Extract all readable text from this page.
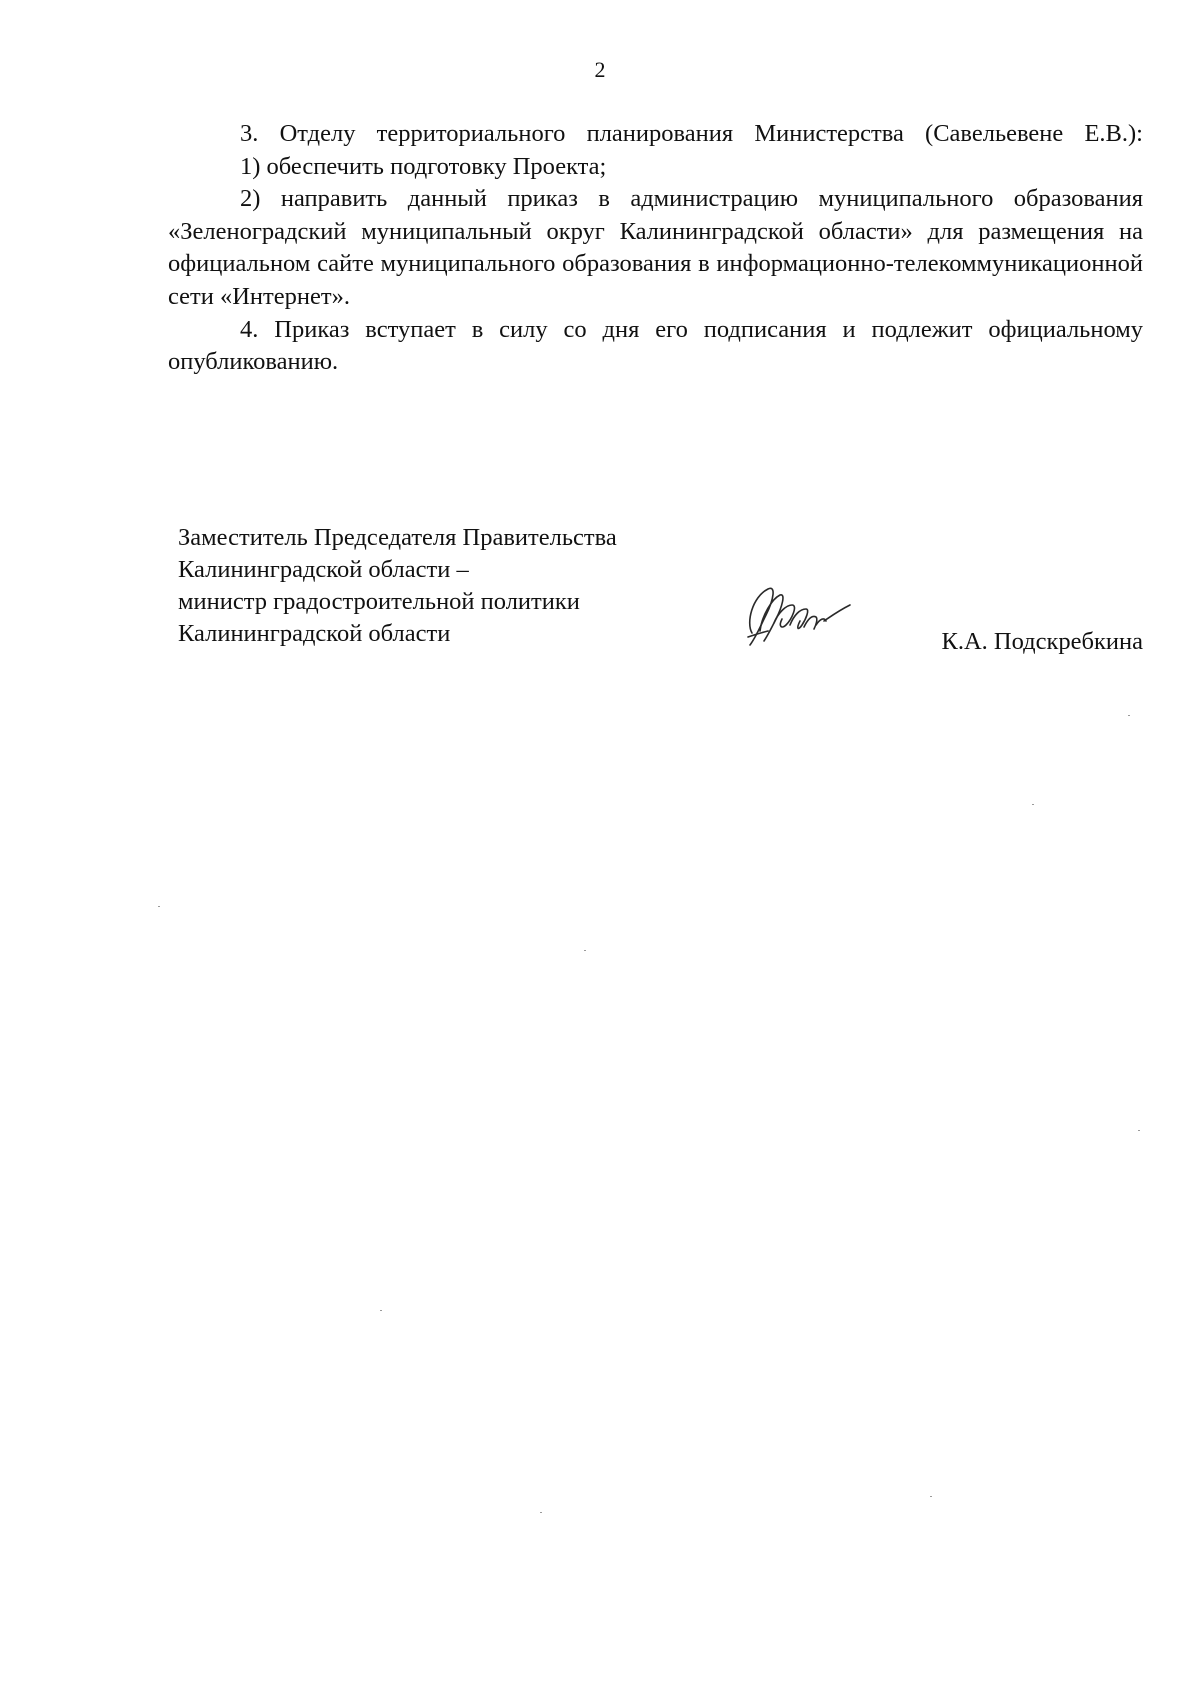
2

3. Отделу территориального планирования Министерства (Савельевене Е.В.):

1) обеспечить подготовку Проекта;

2) направить данный приказ в администрацию муниципального образования «Зеленоградский муниципальный округ Калининградской области» для размещения на официальном сайте муниципального образования в информационно-телекоммуникационной сети «Интернет».

4. Приказ вступает в силу со дня его подписания и подлежит официальному опубликованию.

Заместитель Председателя Правительства
Калининградской области –
министр градостроительной политики
Калининградской области	К.А. Подскребкина
